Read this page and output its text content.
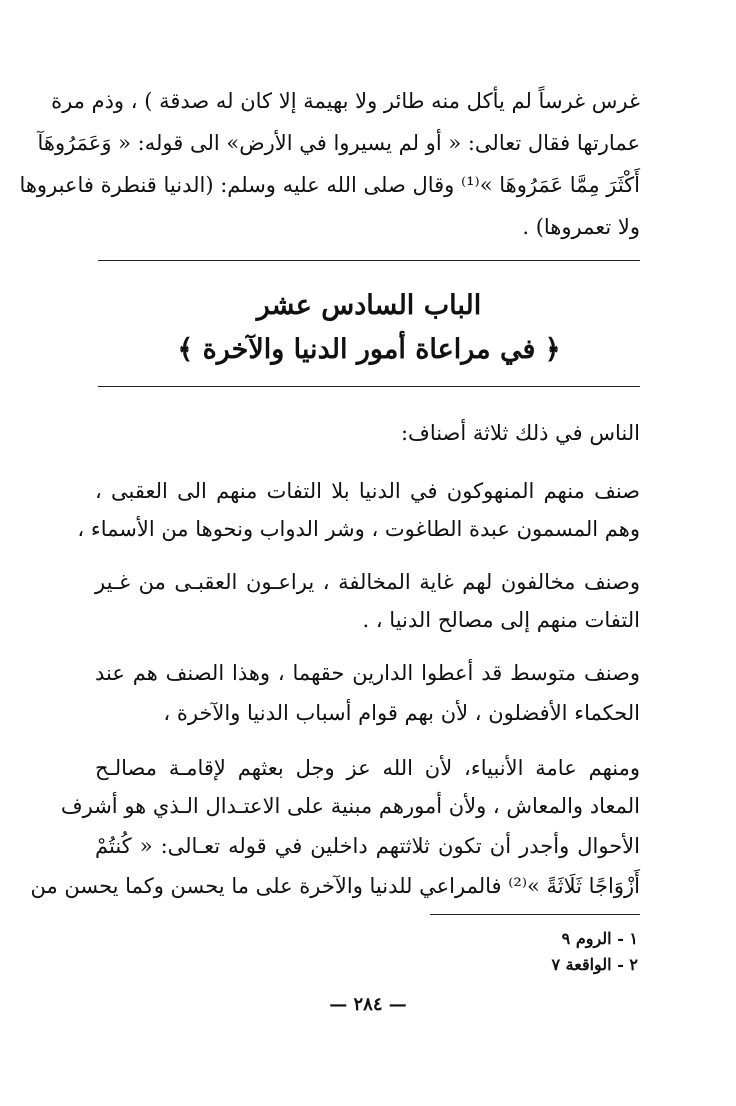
غرس غرساً لم يأكل منه طائر ولا بهيمة إلا كان له صدقة ) ، وذم مرة
عمارتها فقال تعالى: « أو لم يسيروا في الأرض» الى قوله: « وَعَمَرُوهَآ
أَكْثَرَ مِمَّا عَمَرُوهَا »⁽¹⁾ وقال صلى الله عليه وسلم: (الدنيا قنطرة فاعبروها
ولا تعمروها) .
الباب السادس عشر
﴿ في مراعاة أمور الدنيا والآخرة ﴾
الناس في ذلك ثلاثة أصناف:
صنف منهم المنهوكون في الدنيا بلا التفات منهم الى العقبى ،
وهم المسمون عبدة الطاغوت ، وشر الدواب ونحوها من الأسماء ،
وصنف مخالفون لهم غاية المخالفة ، يراعـون العقبـى من غـير
التفات منهم إلى مصالح الدنيا ، .
وصنف متوسط قد أعطوا الدارين حقهما ، وهذا الصنف هم عند
الحكماء الأفضلون ، لأن بهم قوام أسباب الدنيا والآخرة ،
ومنهم عامة الأنبياء، لأن الله عز وجل بعثهم لإقامـة مصالـح
المعاد والمعاش ، ولأن أمورهم مبنية على الاعتـدال الـذي هو أشرف
الأحوال وأجدر أن تكون ثلاثتهم داخلين في قوله تعـالى: « كُنتُمْ
أَزْوَاجًا ثَلَاثَةً »⁽²⁾ فالمراعي للدنيا والآخرة على ما يحسن وكما يحسن من
١ - الروم ٩
٢ - الواقعة ٧
— ٢٨٤ —
